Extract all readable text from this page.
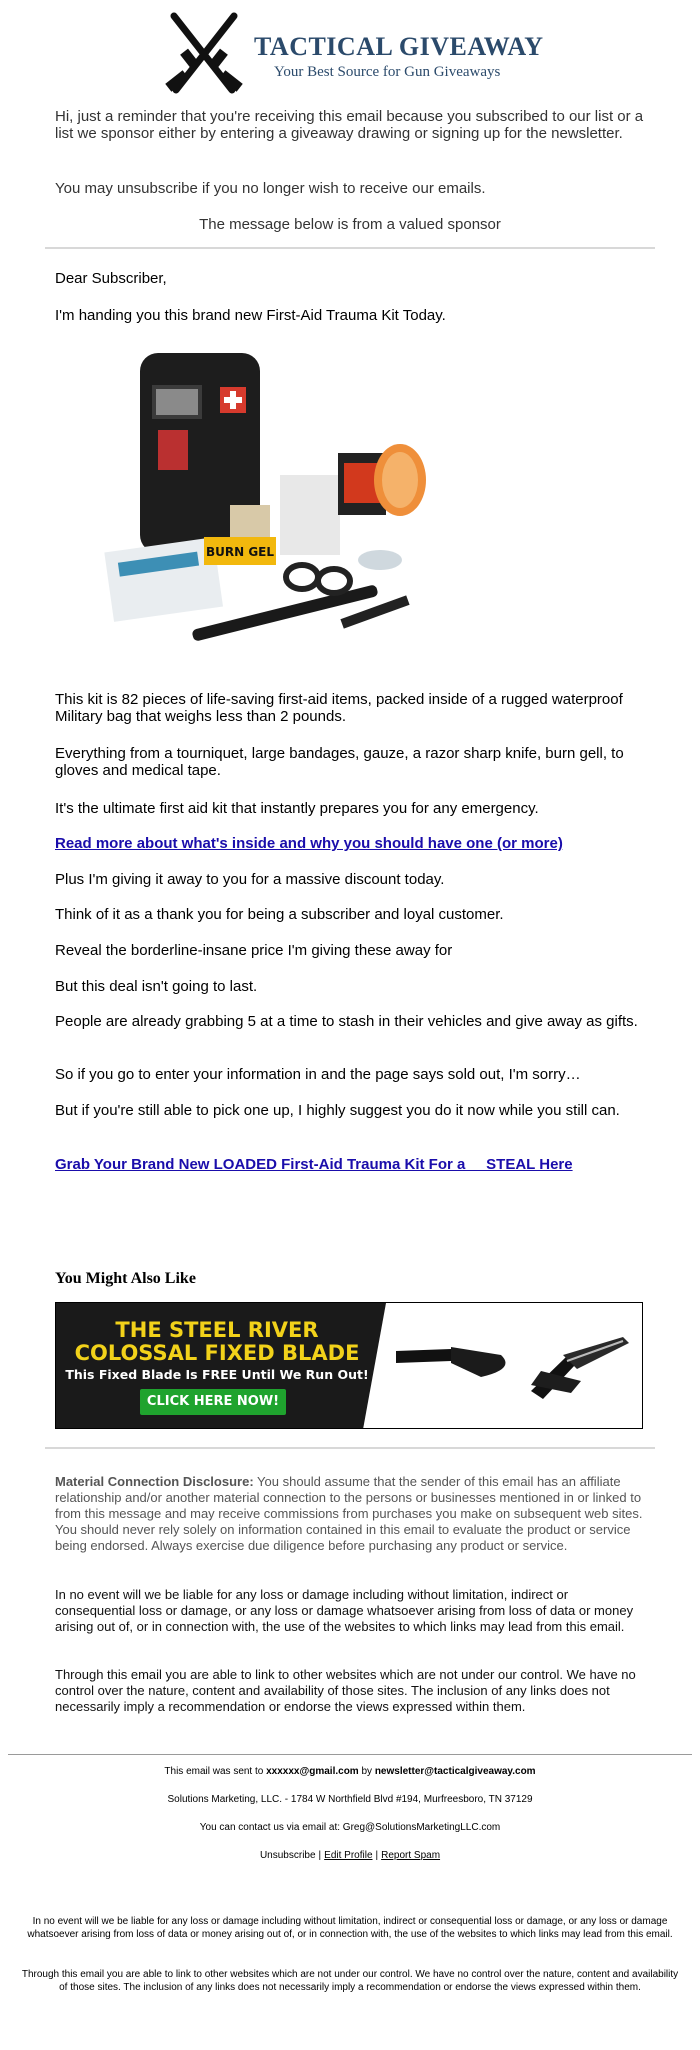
TACTICAL GIVEAWAY
Your Best Source for Gun Giveaways
Hi, just a reminder that you're receiving this email because you subscribed to our list or a list we sponsor either by entering a giveaway drawing or signing up for the newsletter.
You may unsubscribe if you no longer wish to receive our emails.
The message below is from a valued sponsor
Dear Subscriber,
I'm handing you this brand new First-Aid Trauma Kit Today.
BURN GEL
This kit is 82 pieces of life-saving first-aid items, packed inside of a rugged waterproof Military bag that weighs less than 2 pounds.
Everything from a tourniquet, large bandages, gauze, a razor sharp knife, burn gell, to gloves and medical tape.
It's the ultimate first aid kit that instantly prepares you for any emergency.
Read more about what's inside and why you should have one (or more)
Plus I'm giving it away to you for a massive discount today.
Think of it as a thank you for being a subscriber and loyal customer.
Reveal the borderline-insane price I'm giving these away for
But this deal isn't going to last.
People are already grabbing 5 at a time to stash in their vehicles and give away as gifts.
So if you go to enter your information in and the page says sold out, I'm sorry…
But if you're still able to pick one up, I highly suggest you do it now while you still can.
Grab Your Brand New LOADED First-Aid Trauma Kit For a     STEAL Here
You Might Also Like
THE STEEL RIVER
COLOSSAL FIXED BLADE
This Fixed Blade Is FREE Until We Run Out!
CLICK HERE NOW!
Material Connection Disclosure: You should assume that the sender of this email has an affiliate relationship and/or another material connection to the persons or businesses mentioned in or linked to from this message and may receive commissions from purchases you make on subsequent web sites. You should never rely solely on information contained in this email to evaluate the product or service being endorsed. Always exercise due diligence before purchasing any product or service.
In no event will we be liable for any loss or damage including without limitation, indirect or consequential loss or damage, or any loss or damage whatsoever arising from loss of data or money arising out of, or in connection with, the use of the websites to which links may lead from this email.
Through this email you are able to link to other websites which are not under our control. We have no control over the nature, content and availability of those sites. The inclusion of any links does not necessarily imply a recommendation or endorse the views expressed within them.
This email was sent to xxxxxx@gmail.com by newsletter@tacticalgiveaway.com
Solutions Marketing, LLC. - 1784 W Northfield Blvd #194, Murfreesboro, TN 37129
You can contact us via email at: Greg@SolutionsMarketingLLC.com
Unsubscribe | Edit Profile | Report Spam
In no event will we be liable for any loss or damage including without limitation, indirect or consequential loss or damage, or any loss or damage whatsoever arising from loss of data or money arising out of, or in connection with, the use of the websites to which links may lead from this email.
Through this email you are able to link to other websites which are not under our control. We have no control over the nature, content and availability of those sites. The inclusion of any links does not necessarily imply a recommendation or endorse the views expressed within them.
